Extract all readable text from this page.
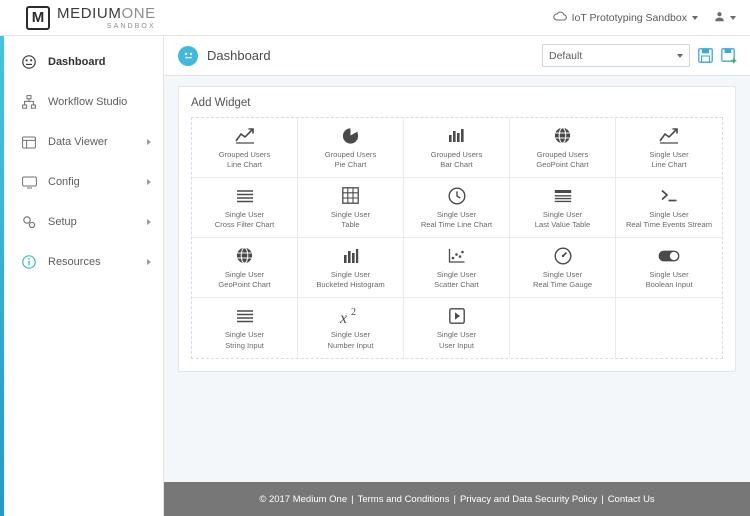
M MEDIUMONE
SANDBOX
IoT Prototyping Sandbox
Dashboard
Workflow Studio
Data Viewer
Config
Setup
Resources
Dashboard	Default
Add Widget
Grouped Users
Line Chart
Grouped Users
Pie Chart
Grouped Users
Bar Chart
Grouped Users
GeoPoint Chart
Single User
Line Chart
Single User
Cross Filter Chart
Single User
Table
Single User
Real Time Line Chart
Single User
Last Value Table
Single User
Real Time Events Stream
Single User
GeoPoint Chart
Single User
Bucketed Histogram
Single User
Scatter Chart
Single User
Real Time Gauge
Single User
Boolean Input
Single User
String Input
x 2
Single User
Number Input
Single User
User Input
© 2017 Medium One | Terms and Conditions | Privacy and Data Security Policy | Contact Us
